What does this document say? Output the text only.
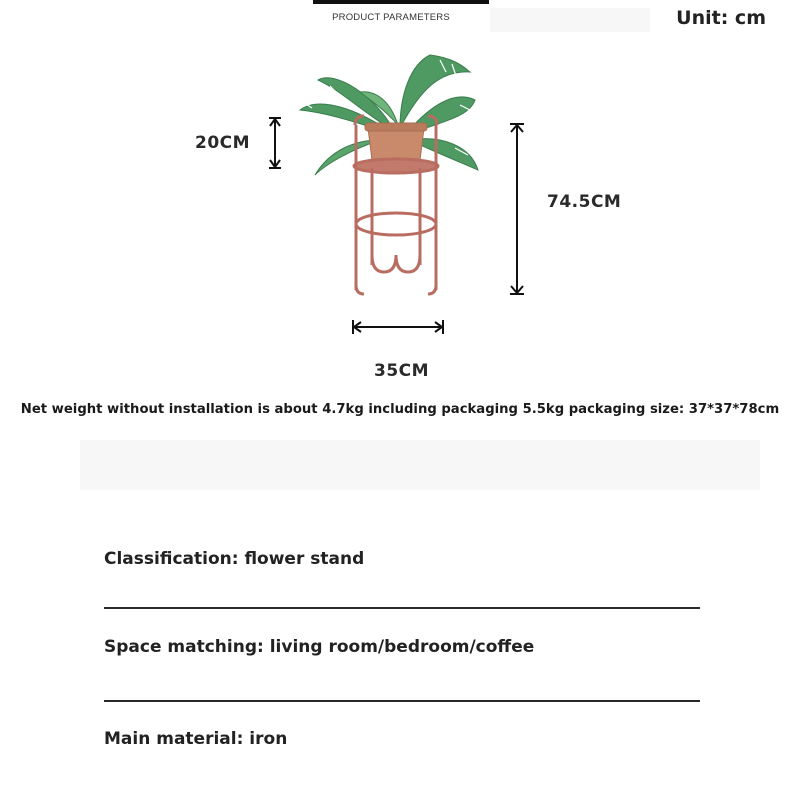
PRODUCT PARAMETERS	Unit: cm
20CM
74.5CM
35CM
Net weight without installation is about 4.7kg including packaging 5.5kg packaging size: 37*37*78cm
Classification: flower stand
Space matching: living room/bedroom/coffee
Main material: iron
